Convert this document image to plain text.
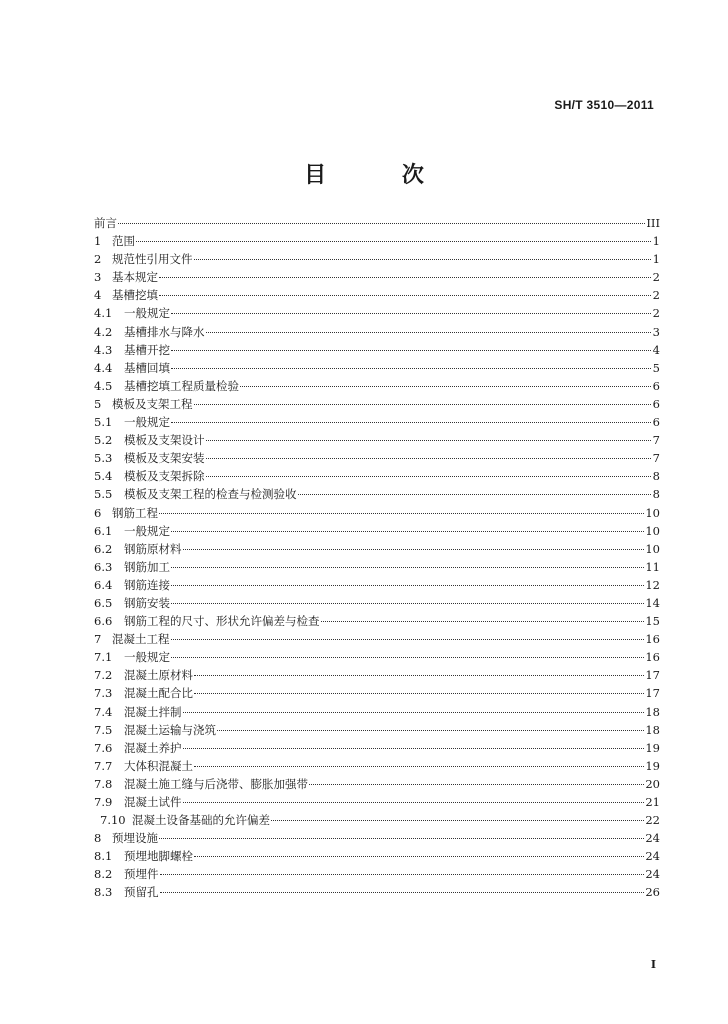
SH/T 3510—2011
目 次
前言	III
1 范围	1
2 规范性引用文件	1
3 基本规定	2
4 基槽挖填	2
4.1	一般规定	2
4.2	基槽排水与降水	3
4.3	基槽开挖	4
4.4	基槽回填	5
4.5	基槽挖填工程质量检验	6
5 模板及支架工程	6
5.1	一般规定	6
5.2	模板及支架设计	7
5.3	模板及支架安装	7
5.4	模板及支架拆除	8
5.5	模板及支架工程的检查与检测验收	8
6 钢筋工程	10
6.1	一般规定	10
6.2	钢筋原材料	10
6.3	钢筋加工	11
6.4	钢筋连接	12
6.5	钢筋安装	14
6.6	钢筋工程的尺寸、形状允许偏差与检查	15
7 混凝土工程	16
7.1	一般规定	16
7.2	混凝土原材料	17
7.3	混凝土配合比	17
7.4	混凝土拌制	18
7.5	混凝土运输与浇筑	18
7.6	混凝土养护	19
7.7	大体积混凝土	19
7.8	混凝土施工缝与后浇带、膨胀加强带	20
7.9	混凝土试件	21
7.10 混凝土设备基础的允许偏差	22
8 预埋设施	24
8.1	预埋地脚螺栓	24
8.2	预埋件	24
8.3	预留孔	26
I
